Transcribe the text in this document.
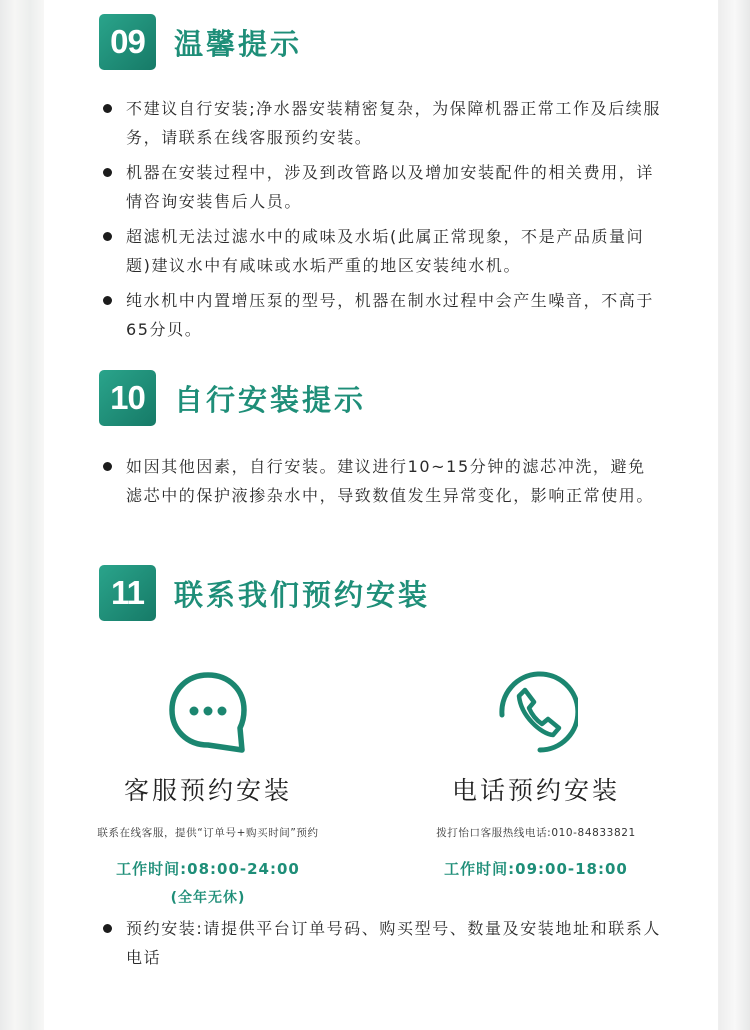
09	温馨提示
不建议自行安装;净水器安装精密复杂，为保障机器正常工作及后续服务，请联系在线客服预约安装。
机器在安装过程中，涉及到改管路以及增加安装配件的相关费用，详情咨询安装售后人员。
超滤机无法过滤水中的咸味及水垢(此属正常现象，不是产品质量问题)建议水中有咸味或水垢严重的地区安装纯水机。
纯水机中内置增压泵的型号，机器在制水过程中会产生噪音，不高于65分贝。
10	自行安装提示
如因其他因素，自行安装。建议进行10~15分钟的滤芯冲洗，避免滤芯中的保护液掺杂水中，导致数值发生异常变化，影响正常使用。
11	联系我们预约安装
客服预约安装
联系在线客服，提供“订单号+购买时间”预约
工作时间:08:00-24:00
(全年无休)
电话预约安装
拨打怡口客服热线电话:010-84833821
工作时间:09:00-18:00
预约安装:请提供平台订单号码、购买型号、数量及安装地址和联系人电话
